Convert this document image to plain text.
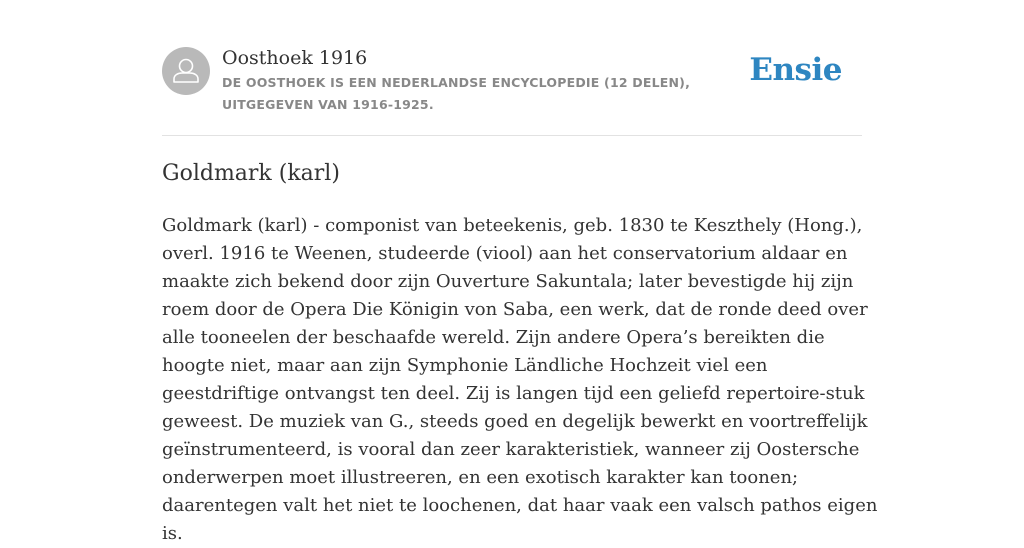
Oosthoek 1916
DE OOSTHOEK IS EEN NEDERLANDSE ENCYCLOPEDIE (12 DELEN), UITGEGEVEN VAN 1916-1925.
Ensie
Goldmark (karl)

Goldmark (karl) - componist van beteekenis, geb. 1830 te Keszthely (Hong.), overl. 1916 te Weenen, studeerde (viool) aan het conservatorium aldaar en maakte zich bekend door zijn Ouverture Sakuntala; later bevestigde hij zijn roem door de Opera Die Königin von Saba, een werk, dat de ronde deed over alle tooneelen der beschaafde wereld. Zijn andere Opera’s bereikten die hoogte niet, maar aan zijn Symphonie Ländliche Hochzeit viel een geestdriftige ontvangst ten deel. Zij is langen tijd een geliefd repertoire-stuk geweest. De muziek van G., steeds goed en degelijk bewerkt en voortreffelijk geïnstrumenteerd, is vooral dan zeer karakteristiek, wanneer zij Oostersche onderwerpen moet illustreeren, en een exotisch karakter kan toonen; daarentegen valt het niet te loochenen, dat haar vaak een valsch pathos eigen is.
